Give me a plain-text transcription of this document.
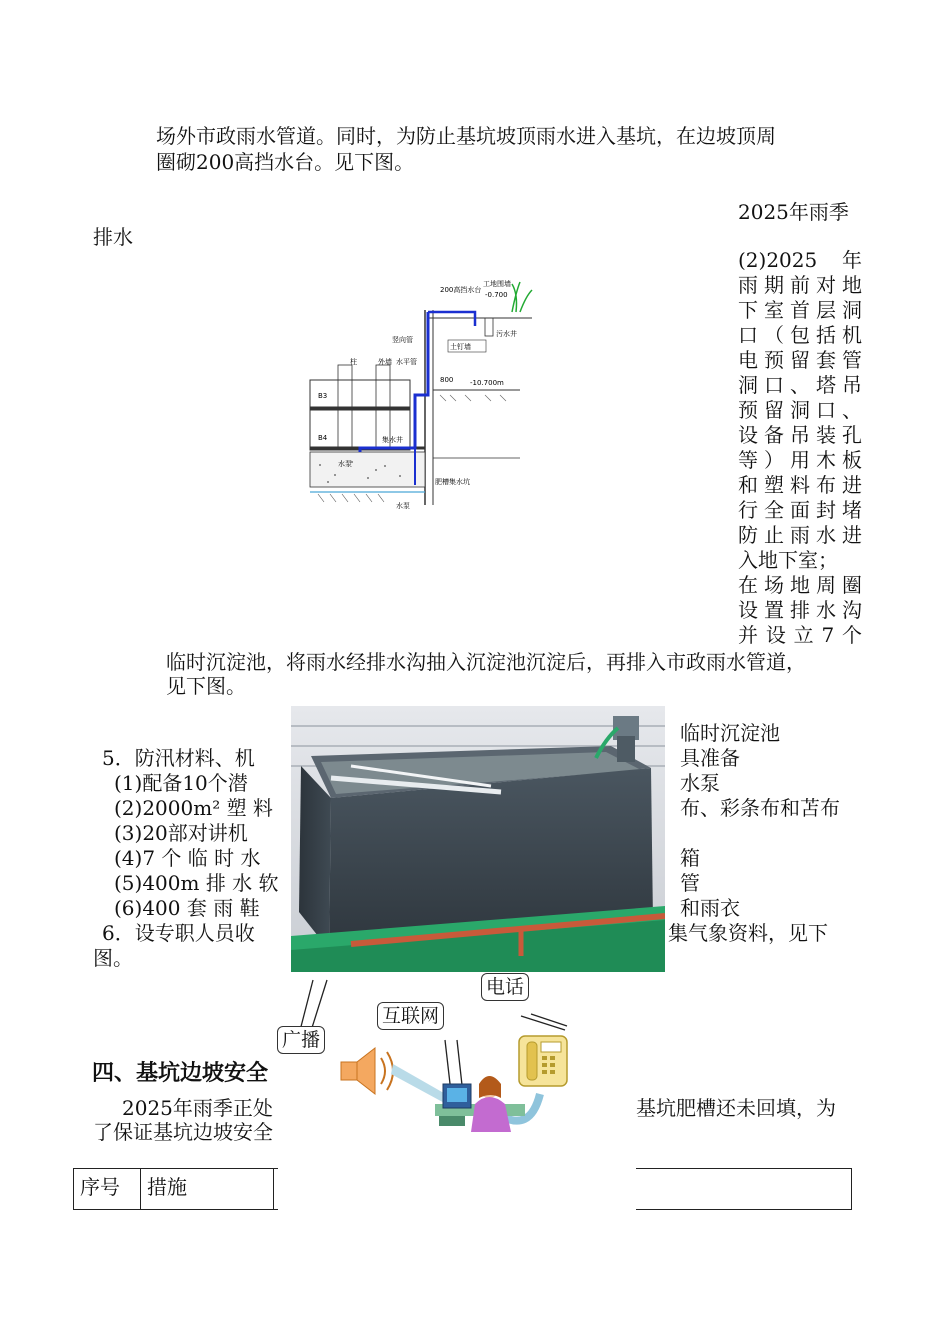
场外市政雨水管道。同时，为防止基坑坡顶雨水进入基坑，在边坡顶周
圈砌200高挡水台。见下图。
2025年雨季
排水
200高挡水台
工地围墙
-0.700
污水井
竖向管
土钉墙
柱	外墙 水平管
800 -10.700m
B3
B4	集水井
水泵
肥槽集水坑
水泵
(2)2025 年
雨期前对地
下室首层洞
口（包括机
电预留套管
洞口、塔吊
预留洞口、
设备吊装孔
等）用木板
和塑料布进
行全面封堵
防止雨水进
入地下室；
在场地周圈
设置排水沟
并设立7个
临时沉淀池，将雨水经排水沟抽入沉淀池沉淀后，再排入市政雨水管道，
见下图。
5．防汛材料、机
(1)配备10个潜
(2)2000m² 塑 料
(3)20部对讲机
(4)7 个 临 时 水
(5)400m 排 水 软
(6)400 套 雨 鞋
6．设专职人员收
图。
临时沉淀池
具准备
水泵
布、彩条布和苫布
箱
管
和雨衣
集气象资料，见下
电话
互联网
广播
四、基坑边坡安全
2025年雨季正处	基坑肥槽还未回填，为
了保证基坑边坡安全
序号	措施	
